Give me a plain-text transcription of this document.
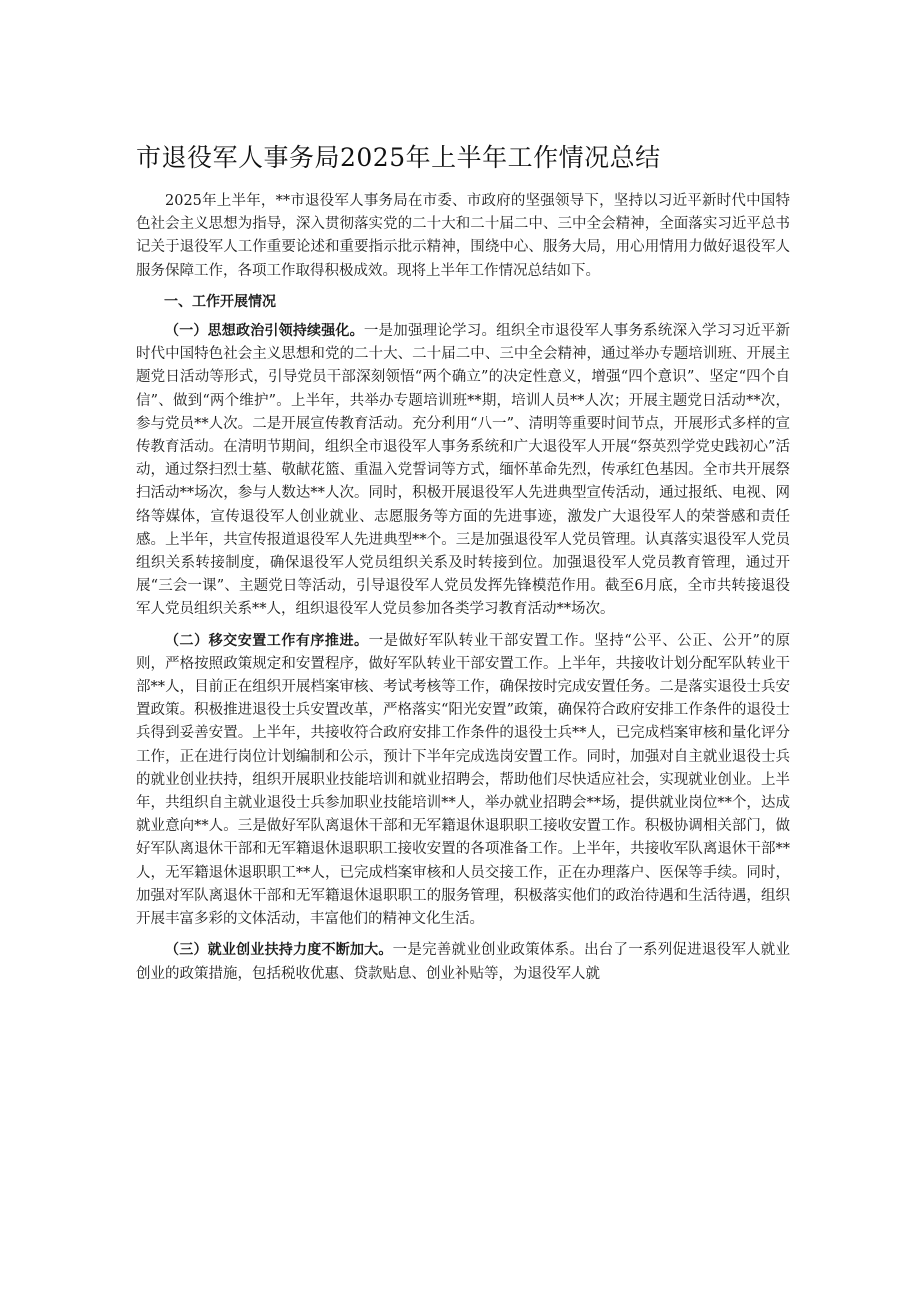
市退役军人事务局2025年上半年工作情况总结

2025年上半年，**市退役军人事务局在市委、市政府的坚强领导下，坚持以习近平新时代中国特色社会主义思想为指导，深入贯彻落实党的二十大和二十届二中、三中全会精神，全面落实习近平总书记关于退役军人工作重要论述和重要指示批示精神，围绕中心、服务大局，用心用情用力做好退役军人服务保障工作，各项工作取得积极成效。现将上半年工作情况总结如下。

一、工作开展情况

（一）思想政治引领持续强化。一是加强理论学习。组织全市退役军人事务系统深入学习习近平新时代中国特色社会主义思想和党的二十大、二十届二中、三中全会精神，通过举办专题培训班、开展主题党日活动等形式，引导党员干部深刻领悟“两个确立”的决定性意义，增强“四个意识”、坚定“四个自信”、做到“两个维护”。上半年，共举办专题培训班**期，培训人员**人次；开展主题党日活动**次，参与党员**人次。二是开展宣传教育活动。充分利用“八一”、清明等重要时间节点，开展形式多样的宣传教育活动。在清明节期间，组织全市退役军人事务系统和广大退役军人开展“祭英烈学党史践初心”活动，通过祭扫烈士墓、敬献花篮、重温入党誓词等方式，缅怀革命先烈，传承红色基因。全市共开展祭扫活动**场次，参与人数达**人次。同时，积极开展退役军人先进典型宣传活动，通过报纸、电视、网络等媒体，宣传退役军人创业就业、志愿服务等方面的先进事迹，激发广大退役军人的荣誉感和责任感。上半年，共宣传报道退役军人先进典型**个。三是加强退役军人党员管理。认真落实退役军人党员组织关系转接制度，确保退役军人党员组织关系及时转接到位。加强退役军人党员教育管理，通过开展“三会一课”、主题党日等活动，引导退役军人党员发挥先锋模范作用。截至6月底，全市共转接退役军人党员组织关系**人，组织退役军人党员参加各类学习教育活动**场次。

（二）移交安置工作有序推进。一是做好军队转业干部安置工作。坚持“公平、公正、公开”的原则，严格按照政策规定和安置程序，做好军队转业干部安置工作。上半年，共接收计划分配军队转业干部**人，目前正在组织开展档案审核、考试考核等工作，确保按时完成安置任务。二是落实退役士兵安置政策。积极推进退役士兵安置改革，严格落实“阳光安置”政策，确保符合政府安排工作条件的退役士兵得到妥善安置。上半年，共接收符合政府安排工作条件的退役士兵**人，已完成档案审核和量化评分工作，正在进行岗位计划编制和公示，预计下半年完成选岗安置工作。同时，加强对自主就业退役士兵的就业创业扶持，组织开展职业技能培训和就业招聘会，帮助他们尽快适应社会，实现就业创业。上半年，共组织自主就业退役士兵参加职业技能培训**人，举办就业招聘会**场，提供就业岗位**个，达成就业意向**人。三是做好军队离退休干部和无军籍退休退职职工接收安置工作。积极协调相关部门，做好军队离退休干部和无军籍退休退职职工接收安置的各项准备工作。上半年，共接收军队离退休干部**人，无军籍退休退职职工**人，已完成档案审核和人员交接工作，正在办理落户、医保等手续。同时，加强对军队离退休干部和无军籍退休退职职工的服务管理，积极落实他们的政治待遇和生活待遇，组织开展丰富多彩的文体活动，丰富他们的精神文化生活。

（三）就业创业扶持力度不断加大。一是完善就业创业政策体系。出台了一系列促进退役军人就业创业的政策措施，包括税收优惠、贷款贴息、创业补贴等，为退役军人就
